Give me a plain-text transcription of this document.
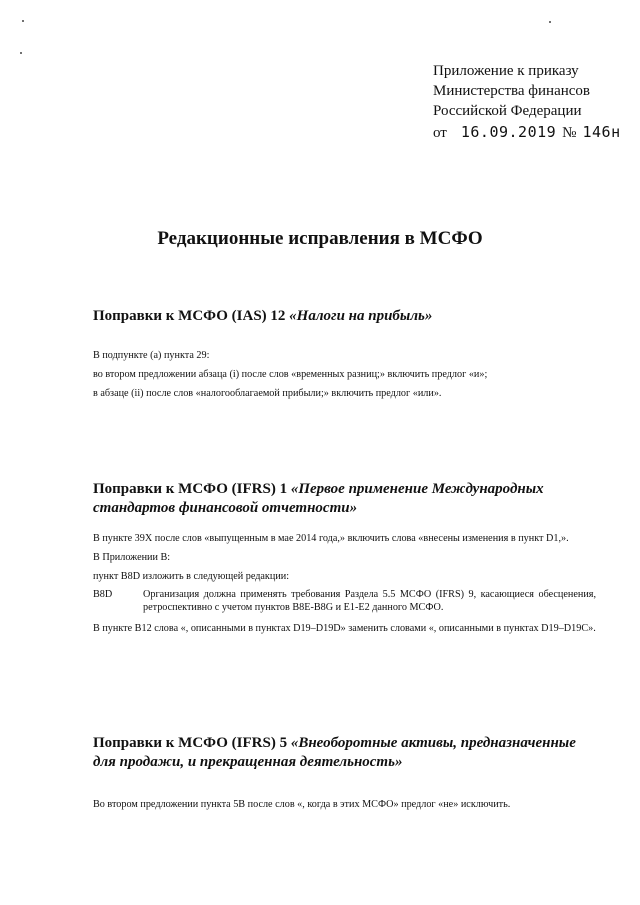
Приложение к приказу
Министерства финансов
Российской Федерации
от 16.09.2019 № 146н
Редакционные исправления в МСФО

Поправки к МСФО (IAS) 12 «Налоги на прибыль»

В подпункте (а) пункта 29:

во втором предложении абзаца (i) после слов «временных разниц;» включить предлог «и»;

в абзаце (ii) после слов «налогооблагаемой прибыли;» включить предлог «или».

Поправки к МСФО (IFRS) 1 «Первое применение Международных стандартов финансовой отчетности»

В пункте 39X после слов «выпущенным в мае 2014 года,» включить слова «внесены изменения в пункт D1,».

В Приложении В:

пункт B8D изложить в следующей редакции:

B8D	Организация должна применять требования Раздела 5.5 МСФО (IFRS) 9, касающиеся обесценения, ретроспективно с учетом пунктов B8E-B8G и E1-E2 данного МСФО.

В пункте B12 слова «, описанными в пунктах D19–D19D» заменить словами «, описанными в пунктах D19–D19С».

Поправки к МСФО (IFRS) 5 «Внеоборотные активы, предназначенные для продажи, и прекращенная деятельность»

Во втором предложении пункта 5B после слов «, когда в этих МСФО» предлог «не» исключить.
